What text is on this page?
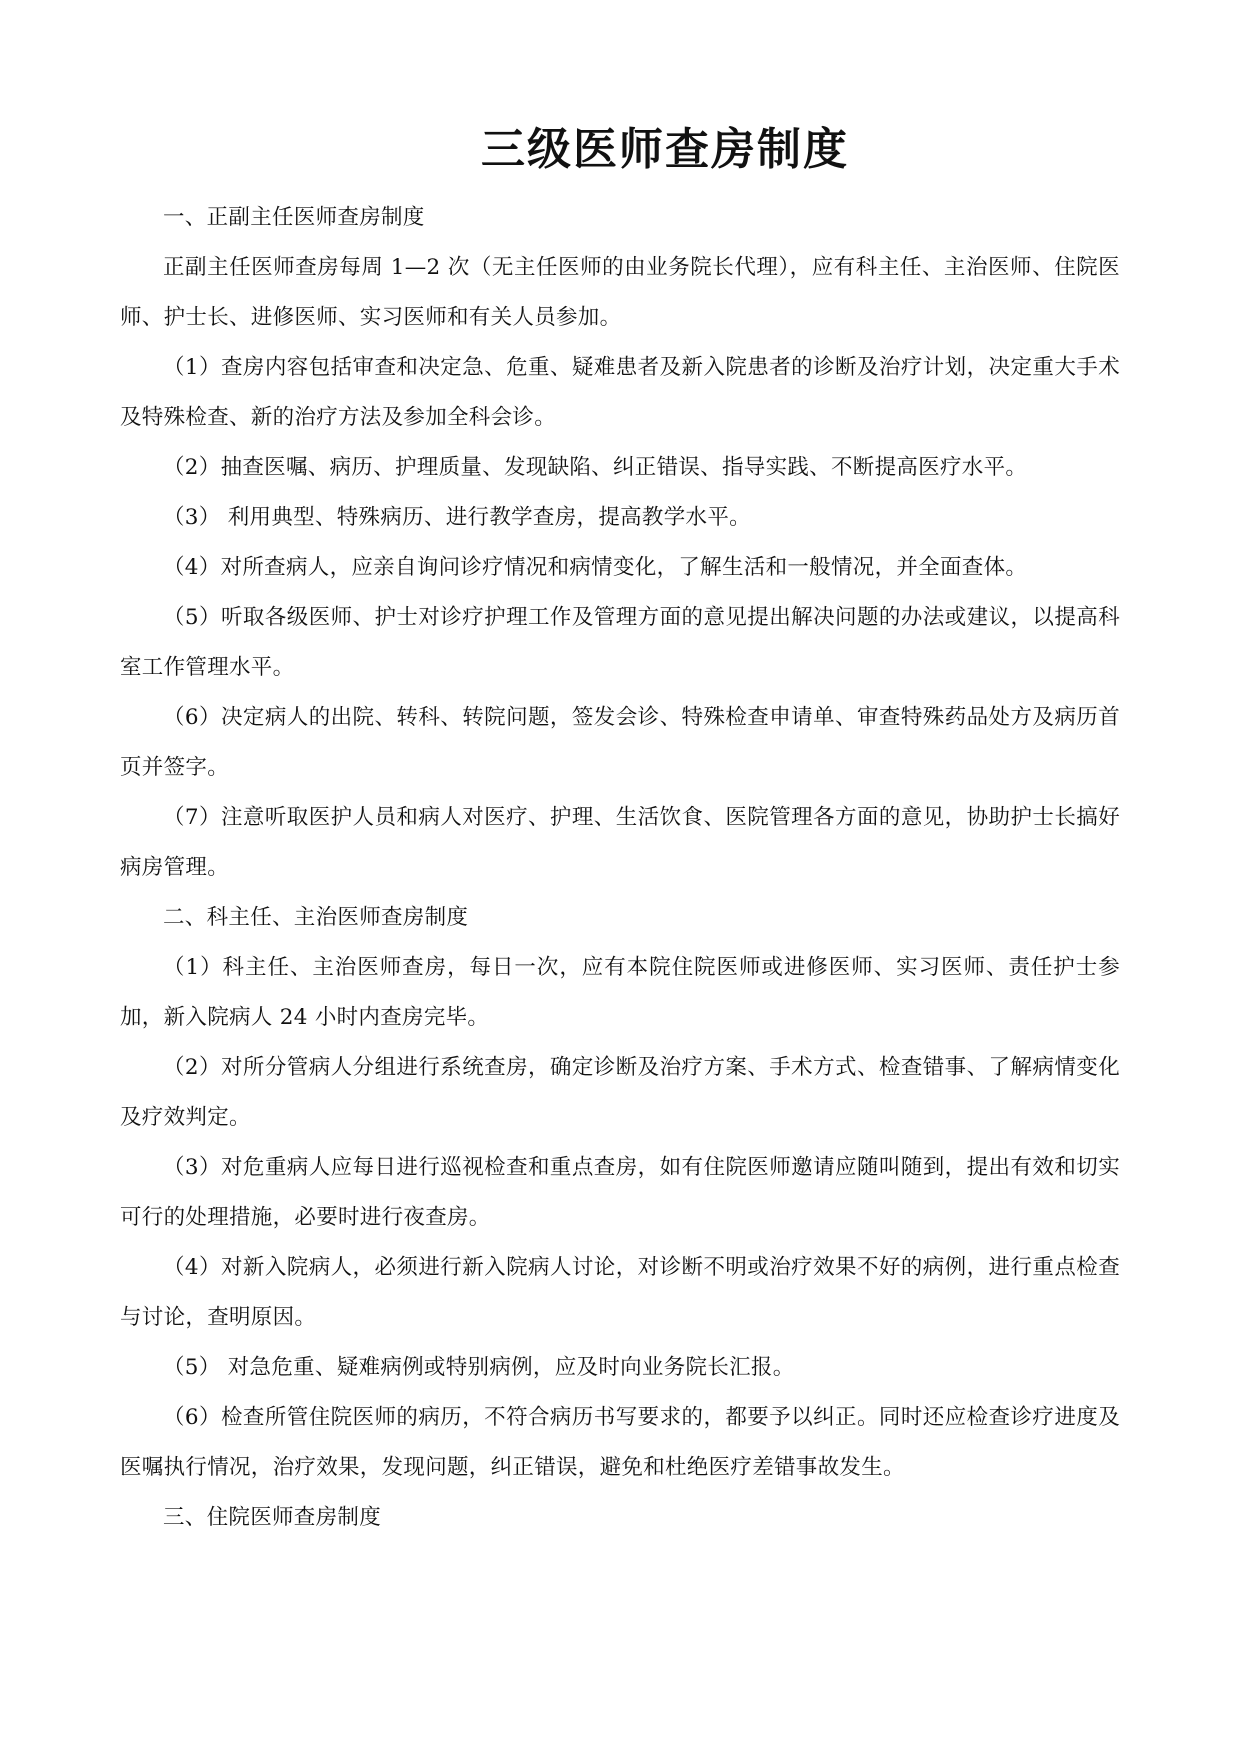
三级医师查房制度

一、正副主任医师查房制度

正副主任医师查房每周 1—2 次（无主任医师的由业务院长代理），应有科主任、主治医师、住院医师、护士长、进修医师、实习医师和有关人员参加。

（1）查房内容包括审查和决定急、危重、疑难患者及新入院患者的诊断及治疗计划，决定重大手术及特殊检查、新的治疗方法及参加全科会诊。

（2）抽查医嘱、病历、护理质量、发现缺陷、纠正错误、指导实践、不断提高医疗水平。

（3） 利用典型、特殊病历、进行教学查房，提高教学水平。

（4）对所查病人，应亲自询问诊疗情况和病情变化，了解生活和一般情况，并全面查体。

（5）听取各级医师、护士对诊疗护理工作及管理方面的意见提出解决问题的办法或建议，以提高科室工作管理水平。

（6）决定病人的出院、转科、转院问题，签发会诊、特殊检查申请单、审查特殊药品处方及病历首页并签字。

（7）注意听取医护人员和病人对医疗、护理、生活饮食、医院管理各方面的意见，协助护士长搞好病房管理。

二、科主任、主治医师查房制度

（1）科主任、主治医师查房，每日一次，应有本院住院医师或进修医师、实习医师、责任护士参加，新入院病人 24 小时内查房完毕。

（2）对所分管病人分组进行系统查房，确定诊断及治疗方案、手术方式、检查错事、了解病情变化及疗效判定。

（3）对危重病人应每日进行巡视检查和重点查房，如有住院医师邀请应随叫随到，提出有效和切实可行的处理措施，必要时进行夜查房。

（4）对新入院病人，必须进行新入院病人讨论，对诊断不明或治疗效果不好的病例，进行重点检查与讨论，查明原因。

（5） 对急危重、疑难病例或特别病例，应及时向业务院长汇报。

（6）检查所管住院医师的病历，不符合病历书写要求的，都要予以纠正。同时还应检查诊疗进度及医嘱执行情况，治疗效果，发现问题，纠正错误，避免和杜绝医疗差错事故发生。

三、住院医师查房制度
